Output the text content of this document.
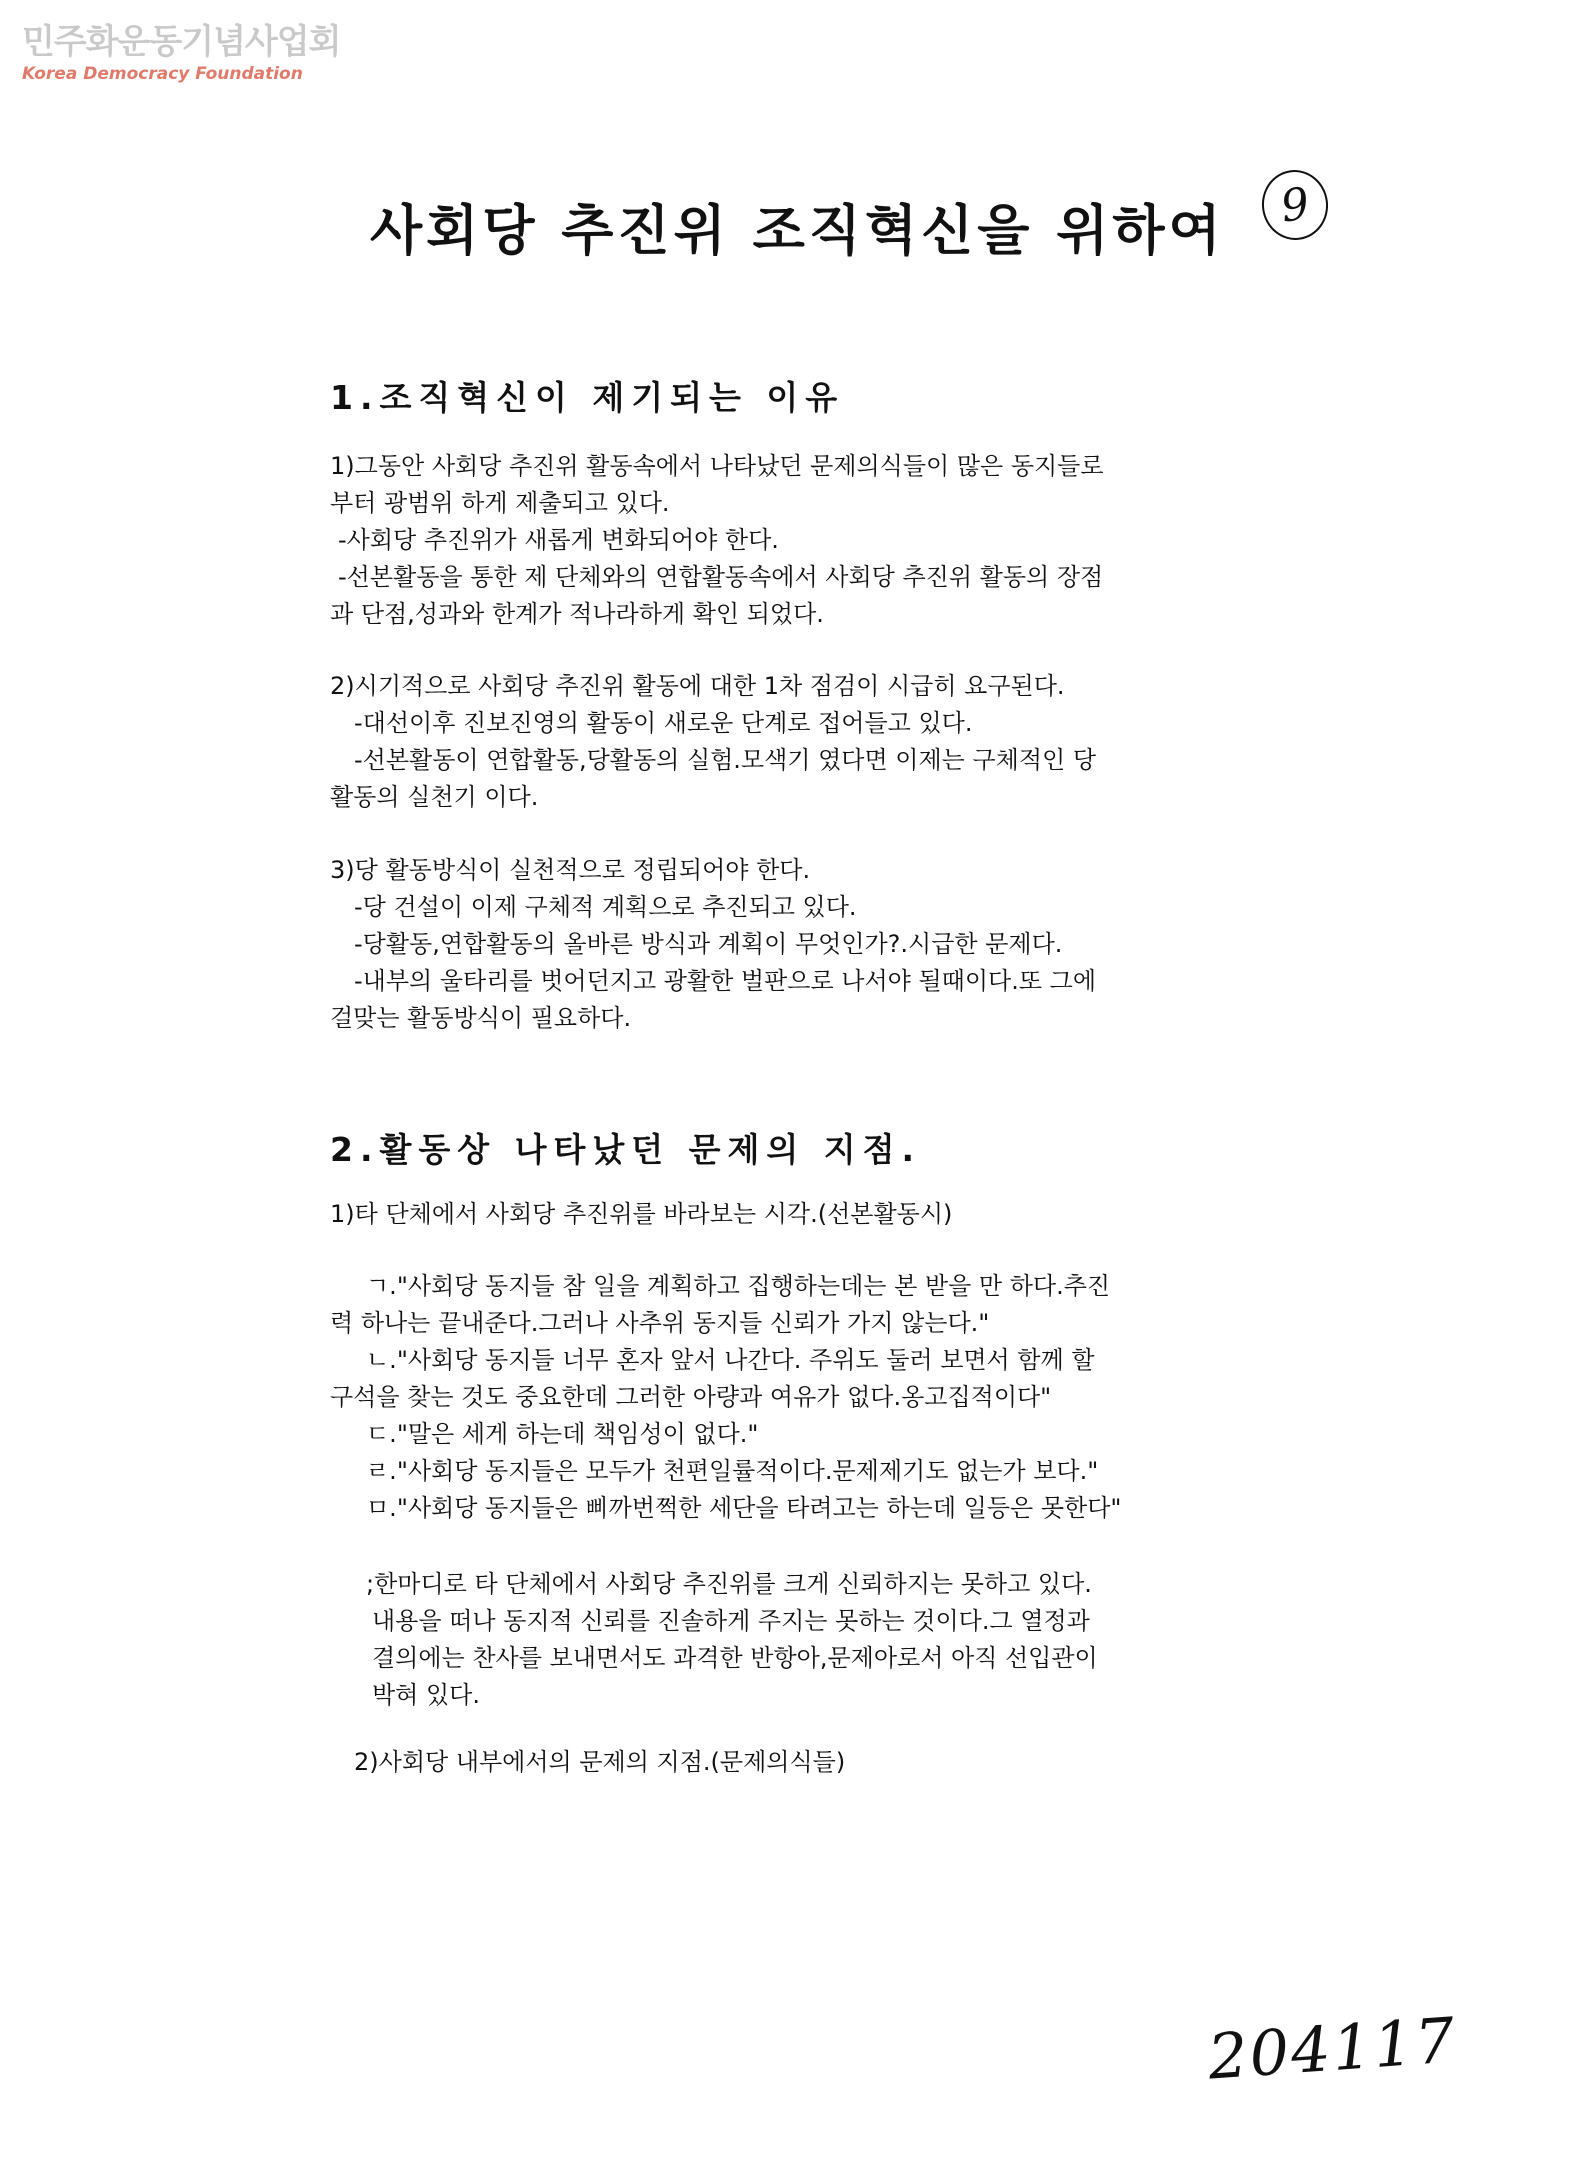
민주화운동기념사업회
Korea Democracy Foundation
9
사회당 추진위 조직혁신을 위하여
1.조직혁신이 제기되는 이유

1)그동안 사회당 추진위 활동속에서 나타났던 문제의식들이 많은 동지들로

부터 광범위 하게 제출되고 있다.

-사회당 추진위가 새롭게 변화되어야 한다.

-선본활동을 통한 제 단체와의 연합활동속에서 사회당 추진위 활동의 장점

과 단점,성과와 한계가 적나라하게 확인 되었다.

2)시기적으로 사회당 추진위 활동에 대한 1차 점검이 시급히 요구된다.

-대선이후 진보진영의 활동이 새로운 단계로 접어들고 있다.

-선본활동이 연합활동,당활동의 실험.모색기 였다면 이제는 구체적인 당

활동의 실천기 이다.

3)당 활동방식이 실천적으로 정립되어야 한다.

-당 건설이 이제 구체적 계획으로 추진되고 있다.

-당활동,연합활동의 올바른 방식과 계획이 무엇인가?.시급한 문제다.

-내부의 울타리를 벗어던지고 광활한 벌판으로 나서야 될때이다.또 그에

걸맞는 활동방식이 필요하다.

2.활동상 나타났던 문제의 지점.

1)타 단체에서 사회당 추진위를 바라보는 시각.(선본활동시)

ㄱ."사회당 동지들 참 일을 계획하고 집행하는데는 본 받을 만 하다.추진

력 하나는 끝내준다.그러나 사추위 동지들 신뢰가 가지 않는다."

ㄴ."사회당 동지들 너무 혼자 앞서 나간다. 주위도 둘러 보면서 함께 할

구석을 찾는 것도 중요한데 그러한 아량과 여유가 없다.옹고집적이다"

ㄷ."말은 세게 하는데 책임성이 없다."

ㄹ."사회당 동지들은 모두가 천편일률적이다.문제제기도 없는가 보다."

ㅁ."사회당 동지들은 삐까번쩍한 세단을 타려고는 하는데 일등은 못한다"

;한마디로 타 단체에서 사회당 추진위를 크게 신뢰하지는 못하고 있다.

내용을 떠나 동지적 신뢰를 진솔하게 주지는 못하는 것이다.그 열정과

결의에는 찬사를 보내면서도 과격한 반항아,문제아로서 아직 선입관이

박혀 있다.

2)사회당 내부에서의 문제의 지점.(문제의식들)

204117
